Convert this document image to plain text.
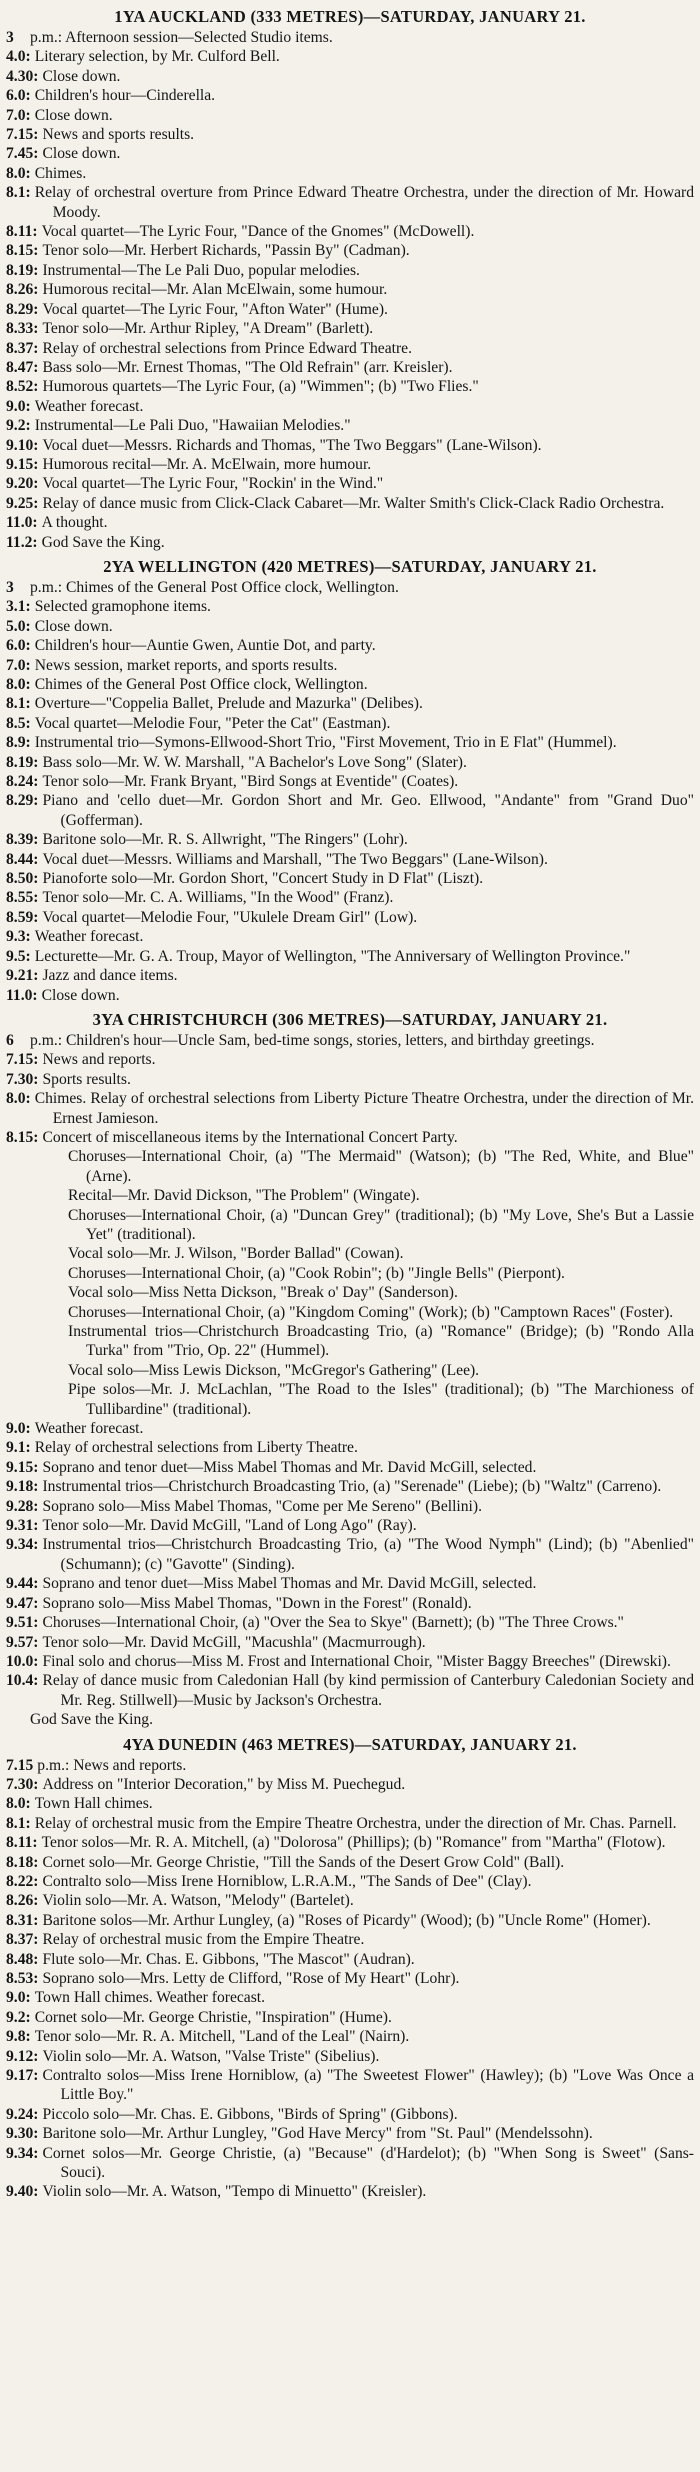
1YA AUCKLAND (333 METRES)—SATURDAY, JANUARY 21.
3	p.m.: Afternoon session—Selected Studio items.
4.0: Literary selection, by Mr. Culford Bell.
4.30: Close down.
6.0: Children's hour—Cinderella.
7.0: Close down.
7.15: News and sports results.
7.45: Close down.
8.0: Chimes.
8.1: Relay of orchestral overture from Prince Edward Theatre Orchestra, under the direction of Mr. Howard Moody.
8.11: Vocal quartet—The Lyric Four, "Dance of the Gnomes" (McDowell).
8.15: Tenor solo—Mr. Herbert Richards, "Passin By" (Cadman).
8.19: Instrumental—The Le Pali Duo, popular melodies.
8.26: Humorous recital—Mr. Alan McElwain, some humour.
8.29: Vocal quartet—The Lyric Four, "Afton Water" (Hume).
8.33: Tenor solo—Mr. Arthur Ripley, "A Dream" (Barlett).
8.37: Relay of orchestral selections from Prince Edward Theatre.
8.47: Bass solo—Mr. Ernest Thomas, "The Old Refrain" (arr. Kreisler).
8.52: Humorous quartets—The Lyric Four, (a) "Wimmen"; (b) "Two Flies."
9.0: Weather forecast.
9.2: Instrumental—Le Pali Duo, "Hawaiian Melodies."
9.10: Vocal duet—Messrs. Richards and Thomas, "The Two Beggars" (Lane-Wilson).
9.15: Humorous recital—Mr. A. McElwain, more humour.
9.20: Vocal quartet—The Lyric Four, "Rockin' in the Wind."
9.25: Relay of dance music from Click-Clack Cabaret—Mr. Walter Smith's Click-Clack Radio Orchestra.
11.0: A thought.
11.2: God Save the King.
2YA WELLINGTON (420 METRES)—SATURDAY, JANUARY 21.
3	p.m.: Chimes of the General Post Office clock, Wellington.
3.1: Selected gramophone items.
5.0: Close down.
6.0: Children's hour—Auntie Gwen, Auntie Dot, and party.
7.0: News session, market reports, and sports results.
8.0: Chimes of the General Post Office clock, Wellington.
8.1: Overture—"Coppelia Ballet, Prelude and Mazurka" (Delibes).
8.5: Vocal quartet—Melodie Four, "Peter the Cat" (Eastman).
8.9: Instrumental trio—Symons-Ellwood-Short Trio, "First Movement, Trio in E Flat" (Hummel).
8.19: Bass solo—Mr. W. W. Marshall, "A Bachelor's Love Song" (Slater).
8.24: Tenor solo—Mr. Frank Bryant, "Bird Songs at Eventide" (Coates).
8.29: Piano and 'cello duet—Mr. Gordon Short and Mr. Geo. Ellwood, "Andante" from "Grand Duo" (Gofferman).
8.39: Baritone solo—Mr. R. S. Allwright, "The Ringers" (Lohr).
8.44: Vocal duet—Messrs. Williams and Marshall, "The Two Beggars" (Lane-Wilson).
8.50: Pianoforte solo—Mr. Gordon Short, "Concert Study in D Flat" (Liszt).
8.55: Tenor solo—Mr. C. A. Williams, "In the Wood" (Franz).
8.59: Vocal quartet—Melodie Four, "Ukulele Dream Girl" (Low).
9.3: Weather forecast.
9.5: Lecturette—Mr. G. A. Troup, Mayor of Wellington, "The Anniversary of Wellington Province."
9.21: Jazz and dance items.
11.0: Close down.
3YA CHRISTCHURCH (306 METRES)—SATURDAY, JANUARY 21.
6	p.m.: Children's hour—Uncle Sam, bed-time songs, stories, letters, and birthday greetings.
7.15: News and reports.
7.30: Sports results.
8.0: Chimes. Relay of orchestral selections from Liberty Picture Theatre Orchestra, under the direction of Mr. Ernest Jamieson.
8.15: Concert of miscellaneous items by the International Concert Party.
Choruses—International Choir, (a) "The Mermaid" (Watson); (b) "The Red, White, and Blue" (Arne).
Recital—Mr. David Dickson, "The Problem" (Wingate).
Choruses—International Choir, (a) "Duncan Grey" (traditional); (b) "My Love, She's But a Lassie Yet" (traditional).
Vocal solo—Mr. J. Wilson, "Border Ballad" (Cowan).
Choruses—International Choir, (a) "Cook Robin"; (b) "Jingle Bells" (Pierpont).
Vocal solo—Miss Netta Dickson, "Break o' Day" (Sanderson).
Choruses—International Choir, (a) "Kingdom Coming" (Work); (b) "Camptown Races" (Foster).
Instrumental trios—Christchurch Broadcasting Trio, (a) "Romance" (Bridge); (b) "Rondo Alla Turka" from "Trio, Op. 22" (Hummel).
Vocal solo—Miss Lewis Dickson, "McGregor's Gathering" (Lee).
Pipe solos—Mr. J. McLachlan, "The Road to the Isles" (traditional); (b) "The Marchioness of Tullibardine" (traditional).
9.0: Weather forecast.
9.1: Relay of orchestral selections from Liberty Theatre.
9.15: Soprano and tenor duet—Miss Mabel Thomas and Mr. David McGill, selected.
9.18: Instrumental trios—Christchurch Broadcasting Trio, (a) "Serenade" (Liebe); (b) "Waltz" (Carreno).
9.28: Soprano solo—Miss Mabel Thomas, "Come per Me Sereno" (Bellini).
9.31: Tenor solo—Mr. David McGill, "Land of Long Ago" (Ray).
9.34: Instrumental trios—Christchurch Broadcasting Trio, (a) "The Wood Nymph" (Lind); (b) "Abenlied" (Schumann); (c) "Gavotte" (Sinding).
9.44: Soprano and tenor duet—Miss Mabel Thomas and Mr. David McGill, selected.
9.47: Soprano solo—Miss Mabel Thomas, "Down in the Forest" (Ronald).
9.51: Choruses—International Choir, (a) "Over the Sea to Skye" (Barnett); (b) "The Three Crows."
9.57: Tenor solo—Mr. David McGill, "Macushla" (Macmurrough).
10.0: Final solo and chorus—Miss M. Frost and International Choir, "Mister Baggy Breeches" (Direwski).
10.4: Relay of dance music from Caledonian Hall (by kind permission of Canterbury Caledonian Society and Mr. Reg. Stillwell)—Music by Jackson's Orchestra.
God Save the King.
4YA DUNEDIN (463 METRES)—SATURDAY, JANUARY 21.
7.15 p.m.: News and reports.
7.30: Address on "Interior Decoration," by Miss M. Puechegud.
8.0: Town Hall chimes.
8.1: Relay of orchestral music from the Empire Theatre Orchestra, under the direction of Mr. Chas. Parnell.
8.11: Tenor solos—Mr. R. A. Mitchell, (a) "Dolorosa" (Phillips); (b) "Romance" from "Martha" (Flotow).
8.18: Cornet solo—Mr. George Christie, "Till the Sands of the Desert Grow Cold" (Ball).
8.22: Contralto solo—Miss Irene Horniblow, L.R.A.M., "The Sands of Dee" (Clay).
8.26: Violin solo—Mr. A. Watson, "Melody" (Bartelet).
8.31: Baritone solos—Mr. Arthur Lungley, (a) "Roses of Picardy" (Wood); (b) "Uncle Rome" (Homer).
8.37: Relay of orchestral music from the Empire Theatre.
8.48: Flute solo—Mr. Chas. E. Gibbons, "The Mascot" (Audran).
8.53: Soprano solo—Mrs. Letty de Clifford, "Rose of My Heart" (Lohr).
9.0: Town Hall chimes. Weather forecast.
9.2: Cornet solo—Mr. George Christie, "Inspiration" (Hume).
9.8: Tenor solo—Mr. R. A. Mitchell, "Land of the Leal" (Nairn).
9.12: Violin solo—Mr. A. Watson, "Valse Triste" (Sibelius).
9.17: Contralto solos—Miss Irene Horniblow, (a) "The Sweetest Flower" (Hawley); (b) "Love Was Once a Little Boy."
9.24: Piccolo solo—Mr. Chas. E. Gibbons, "Birds of Spring" (Gibbons).
9.30: Baritone solo—Mr. Arthur Lungley, "God Have Mercy" from "St. Paul" (Mendelssohn).
9.34: Cornet solos—Mr. George Christie, (a) "Because" (d'Hardelot); (b) "When Song is Sweet" (Sans-Souci).
9.40: Violin solo—Mr. A. Watson, "Tempo di Minuetto" (Kreisler).
